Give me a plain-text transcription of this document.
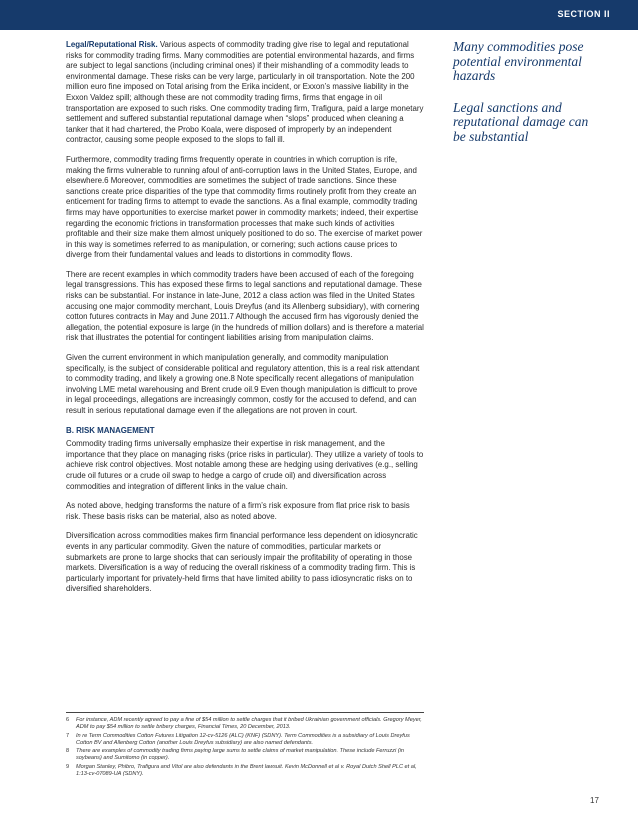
SECTION II

Legal/Reputational Risk. Various aspects of commodity trading give rise to legal and reputational risks for commodity trading firms. Many commodities are potential environmental hazards, and firms are subject to legal sanctions (including criminal ones) if their mishandling of a commodity leads to environmental damage. These risks can be very large, particularly in oil transportation. Note the 200 million euro fine imposed on Total arising from the Erika incident, or Exxon’s massive liability in the Exxon Valdez spill; although these are not commodity trading firms, firms that engage in oil transportation are exposed to such risks. One commodity trading firm, Trafigura, paid a large monetary settlement and suffered substantial reputational damage when “slops” produced when cleaning a tanker that it had chartered, the Probo Koala, were disposed of improperly by an independent contractor, causing some people exposed to the slops to fall ill.

Furthermore, commodity trading firms frequently operate in countries in which corruption is rife, making the firms vulnerable to running afoul of anti-corruption laws in the United States, Europe, and elsewhere.6 Moreover, commodities are sometimes the subject of trade sanctions. Since these sanctions create price disparities of the type that commodity firms routinely profit from they create an enticement for trading firms to attempt to evade the sanctions. As a final example, commodity trading firms may have opportunities to exercise market power in commodity markets; indeed, their expertise regarding the economic frictions in transformation processes that make such kinds of activities profitable and their size make them almost uniquely positioned to do so. The exercise of market power in this way is sometimes referred to as manipulation, or cornering; such actions cause prices to diverge from their fundamental values and leads to distortions in commodity flows.

There are recent examples in which commodity traders have been accused of each of the foregoing legal transgressions. This has exposed these firms to legal sanctions and reputational damage. These risks can be substantial. For instance in late-June, 2012 a class action was filed in the United States accusing one major commodity merchant, Louis Dreyfus (and its Allenberg subsidiary), with cornering cotton futures contracts in May and June 2011.7 Although the accused firm has vigorously denied the allegation, the potential exposure is large (in the hundreds of million dollars) and is therefore a material risk that illustrates the potential for contingent liabilities arising from manipulation claims.

Given the current environment in which manipulation generally, and commodity manipulation specifically, is the subject of considerable political and regulatory attention, this is a real risk attendant to commodity trading, and likely a growing one.8 Note specifically recent allegations of manipulation involving LME metal warehousing and Brent crude oil.9 Even though manipulation is difficult to prove in legal proceedings, allegations are increasingly common, costly for the accused to defend, and can result in serious reputational damage even if the allegations are not proven in court.

B. RISK MANAGEMENT

Commodity trading firms universally emphasize their expertise in risk management, and the importance that they place on managing risks (price risks in particular). They utilize a variety of tools to achieve risk control objectives. Most notable among these are hedging using derivatives (e.g., selling crude oil futures or a crude oil swap to hedge a cargo of crude oil) and diversification across commodities and integration of different links in the value chain.

As noted above, hedging transforms the nature of a firm’s risk exposure from flat price risk to basis risk. These basis risks can be material, also as noted above.

Diversification across commodities makes firm financial performance less dependent on idiosyncratic events in any particular commodity. Given the nature of commodities, particular markets or submarkets are prone to large shocks that can seriously impair the profitability of operating in those markets. Diversification is a way of reducing the overall riskiness of a commodity trading firm. This is particularly important for privately-held firms that have limited ability to pass idiosyncratic risks on to diversified shareholders.

Many commodities pose potential environmental hazards
Legal sanctions and reputational damage can be substantial
6	For instance, ADM recently agreed to pay a fine of $54 million to settle charges that it bribed Ukrainian government officials. Gregory Meyer, ADM to pay $54 million to settle bribery charges, Financial Times, 20 December, 2013.
7	In re Term Commodities Cotton Futures Litigation 12-cv-5126 (ALC) (KNF) (SDNY). Term Commodities is a subsidiary of Louis Dreyfus Cotton BV and Allenberg Cotton (another Louis Dreyfus subsidiary) are also named defendants.
8	There are examples of commodity trading firms paying large sums to settle claims of market manipulation. These include Ferruzzi (in soybeans) and Sumitomo (in copper).
9	Morgan Stanley, Phibro, Trafigura and Vitol are also defendants in the Brent lawsuit. Kevin McDonnell et al v. Royal Dutch Shell PLC et al, 1:13-cv-07089-UA (SDNY).
17
